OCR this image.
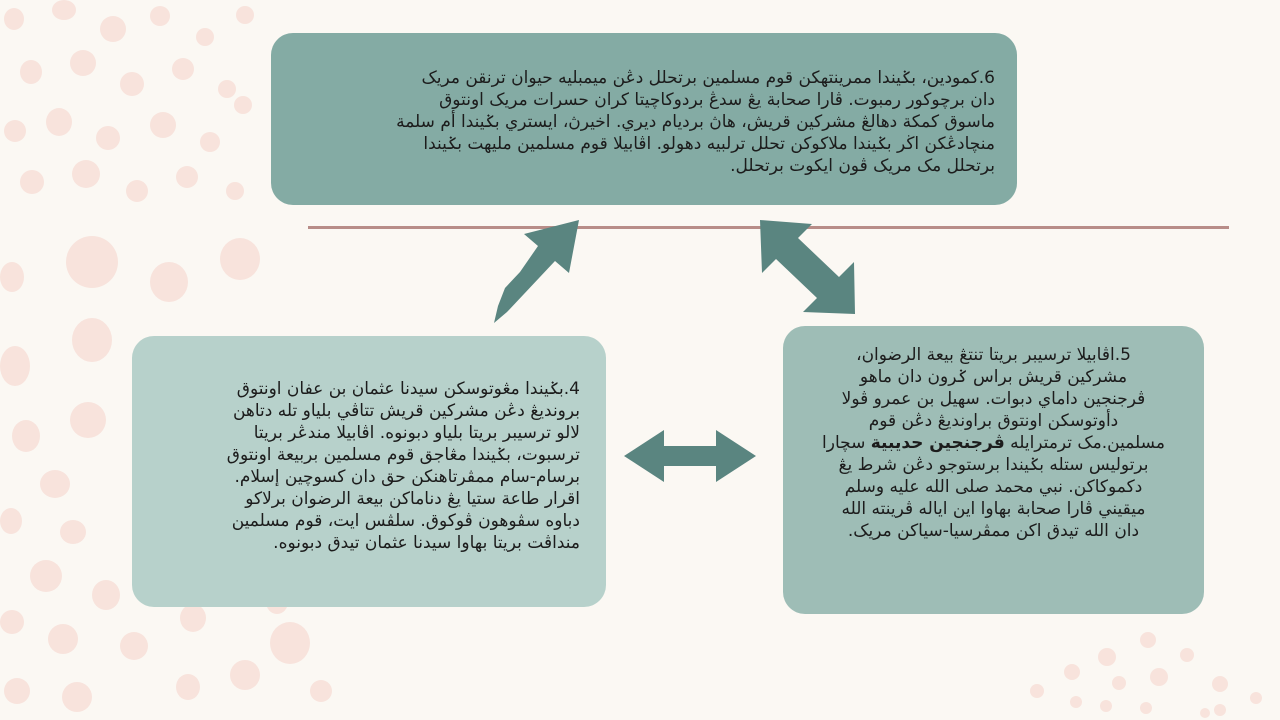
6.کمودين، بݢيندا ممرينتهکن قوم مسلمين برتحلل دڠن ميمبليه حيوان ترنقن مريک
دان برچوکور رمبوت. ڤارا صحابة يڠ سدڠ بردوکاچيتا کران حسرات مريک اونتوق
ماسوق کمکة دهالڠ مشرکين قريش، هاڽ برديام ديري. اخيرڽ، ايستري بݢيندا أم سلمة
منچادڠکن اڬر بݢيندا ملاکوکن تحلل ترلبيه دهولو. اڤابيلا قوم مسلمين مليهت بݢيندا
برتحلل مک مريک ڤون ايکوت برتحلل.

4.بݢيندا مڠوتوسکن سيدنا عثمان بن عفان اونتوق
برونديڠ دڠن مشرکين قريش تتاڤي بلياو تله دتاهن
لالو ترسيبر بريتا بلياو دبونوه. اڤابيلا مندڠر بريتا
ترسبوت، بݢيندا مڠاجق قوم مسلمين بربيعة اونتوق
برسام-سام ممڤرتاهنکن حق دان کسوچين إسلام.
اقرار طاعة ستيا يڠ دناماکن بيعة الرضوان برلاکو
دباوه سڤوهون ڤوکوق. سلڤس ايت، قوم مسلمين
منداڤت بريتا بهاوا سيدنا عثمان تيدق دبونوه.

5.اڤابيلا ترسيبر بريتا تنتڠ بيعة الرضوان،
مشرکين قريش براس ݢرون دان ماهو
ڤرجنجين داماي دبوات. سهيل بن عمرو ڤولا
دأوتوسکن اونتوق براونديڠ دڠن قوم
مسلمين.مک ترمترايله ڤرجنجين حديبية سچارا
برتوليس ستله بݢيندا برستوجو دڠن شرط يڠ
دکموکاکن. نبي محمد صلى الله عليه وسلم
ميقيني ڤارا صحابة بهاوا اين اياله ڤرينته الله
دان الله تيدق اکن ممڤرسيا-سياکن مريک.
